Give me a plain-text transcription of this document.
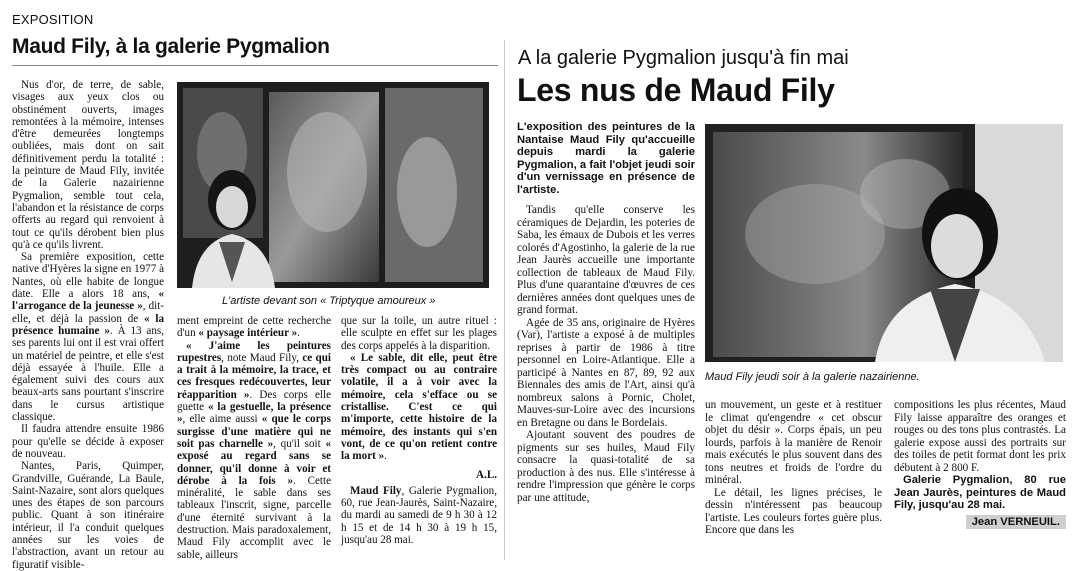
EXPOSITION
Maud Fily, à la galerie Pygmalion

Nus d'or, de terre, de sable, visages aux yeux clos ou obstinément ouverts, images remontées à la mémoire, intenses d'être demeurées longtemps oubliées, mais dont on sait définitivement perdu la totalité : la peinture de Maud Fily, invitée de la Galerie nazairienne Pygmalion, semble tout cela, l'abandon et la résistance de corps offerts au regard qui renvoient à tout ce qu'ils dérobent bien plus qu'à ce qu'ils livrent.

Sa première exposition, cette native d'Hyères la signe en 1977 à Nantes, où elle habite de longue date. Elle a alors 18 ans, « l'arrogance de la jeunesse », dit-elle, et déjà la passion de « la présence humaine ». À 13 ans, ses parents lui ont il est vrai offert un matériel de peintre, et elle s'est déjà essayée à l'huile. Elle a également suivi des cours aux beaux-arts sans pourtant s'inscrire dans le cursus artistique classique.

Il faudra attendre ensuite 1986 pour qu'elle se décide à exposer de nouveau.

Nantes, Paris, Quimper, Grandville, Guérande, La Baule, Saint-Nazaire, sont alors quelques unes des étapes de son parcours public. Quant à son itinéraire intérieur, il l'a conduit quelques années sur les voies de l'abstraction, avant un retour au figuratif visible-

L'artiste devant son « Triptyque amoureux »

ment empreint de cette recherche d'un « paysage intérieur ».

« J'aime les peintures rupestres, note Maud Fily, ce qui a trait à la mémoire, la trace, et ces fresques redécouvertes, leur réapparition ». Des corps elle guette « la gestuelle, la présence », elle aime aussi « que le corps surgisse d'une matière qui ne soit pas charnelle », qu'il soit « exposé au regard sans se donner, qu'il donne à voir et dérobe à la fois ». Cette minéralité, le sable dans ses tableaux l'inscrit, signe, parcelle d'une éternité survivant à la destruction. Mais paradoxalement, Maud Fily accomplit avec le sable, ailleurs

que sur la toile, un autre rituel : elle sculpte en effet sur les plages des corps appelés à la disparition.

« Le sable, dit elle, peut être très compact ou au contraire volatile, il a à voir avec la mémoire, cela s'efface ou se cristallise. C'est ce qui m'importe, cette histoire de la mémoire, des instants qui s'en vont, de ce qu'on retient contre la mort ».

A.L.

Maud Fily, Galerie Pygmalion, 60, rue Jean-Jaurès, Saint-Nazaire, du mardi au samedi de 9 h 30 à 12 h 15 et de 14 h 30 à 19 h 15, jusqu'au 28 mai.

A la galerie Pygmalion jusqu'à fin mai
Les nus de Maud Fily

L'exposition des peintures de la Nantaise Maud Fily qu'accueille depuis mardi la galerie Pygmalion, a fait l'objet jeudi soir d'un vernissage en présence de l'artiste.

Tandis qu'elle conserve les céramiques de Dejardin, les poteries de Saba, les émaux de Dubois et les verres colorés d'Agostinho, la galerie de la rue Jean Jaurès accueille une importante collection de tableaux de Maud Fily. Plus d'une quarantaine d'œuvres de ces dernières années dont quelques unes de grand format.

Agée de 35 ans, originaire de Hyères (Var), l'artiste a exposé à de multiples reprises à partir de 1986 à titre personnel en Loire-Atlantique. Elle a participé à Nantes en 87, 89, 92 aux Biennales des amis de l'Art, ainsi qu'à nombreux salons à Pornic, Cholet, Mauves-sur-Loire avec des incursions en Bretagne ou dans le Bordelais.

Ajoutant souvent des poudres de pigments sur ses huiles, Maud Fily consacre la quasi-totalité de sa production à des nus. Elle s'intéresse à rendre l'impression que génère le corps par une attitude,

Maud Fily jeudi soir à la galerie nazairienne.

un mouvement, un geste et à restituer le climat qu'engendre « cet obscur objet du désir ». Corps épais, un peu lourds, parfois à la manière de Renoir mais exécutés le plus souvent dans des tons neutres et froids de l'ordre du minéral.

Le détail, les lignes précises, le dessin n'intéressent pas beaucoup l'artiste. Les couleurs fortes guère plus. Encore que dans les

compositions les plus récentes, Maud Fily laisse apparaître des oranges et rouges ou des tons plus contrastés. La galerie expose aussi des portraits sur des toiles de petit format dont les prix débutent à 2 800 F.

Galerie Pygmalion, 80 rue Jean Jaurès, peintures de Maud Fily, jusqu'au 28 mai.

Jean VERNEUIL.
